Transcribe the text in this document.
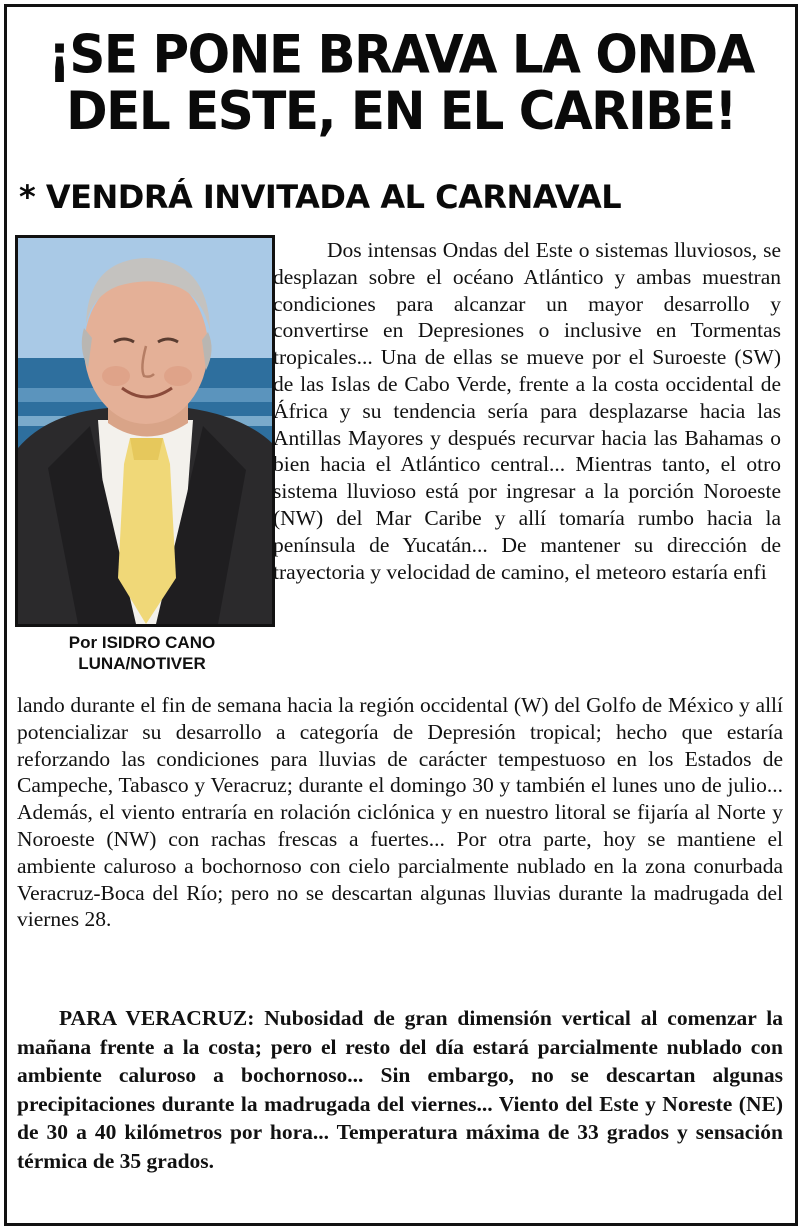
¡SE PONE BRAVA LA ONDA DEL ESTE, EN EL CARIBE!
* VENDRÁ INVITADA AL CARNAVAL
Por ISIDRO CANO LUNA/NOTIVER
Dos intensas Ondas del Este o sistemas lluviosos, se desplazan sobre el océano Atlántico y ambas muestran condiciones para alcanzar un mayor desarrollo y convertirse en Depresiones o inclusive en Tormentas tropicales... Una de ellas se mueve por el Suroeste (SW) de las Islas de Cabo Verde, frente a la costa occidental de África y su tendencia sería para desplazarse hacia las Antillas Mayores y después recurvar hacia las Bahamas o bien hacia el Atlántico central... Mientras tanto, el otro sistema lluvioso está por ingresar a la porción Noroeste (NW) del Mar Caribe y allí tomaría rumbo hacia la península de Yucatán... De mantener su dirección de trayectoria y velocidad de camino, el meteoro estaría enfi
lando durante el fin de semana hacia la región occidental (W) del Golfo de México y allí potencializar su desarrollo a categoría de Depresión tropical; hecho que estaría reforzando las condiciones para lluvias de carácter tempestuoso en los Estados de Campeche, Tabasco y Veracruz; durante el domingo 30 y también el lunes uno de julio... Además, el viento entraría en rolación ciclónica y en nuestro litoral se fijaría al Norte y Noroeste (NW) con rachas frescas a fuertes... Por otra parte, hoy se mantiene el ambiente caluroso a bochornoso con cielo parcialmente nublado en la zona conurbada Veracruz-Boca del Río; pero no se descartan algunas lluvias durante la madrugada del viernes 28.
PARA VERACRUZ: Nubosidad de gran dimensión vertical al comenzar la mañana frente a la costa; pero el resto del día estará parcialmente nublado con ambiente caluroso a bochornoso... Sin embargo, no se descartan algunas precipitaciones durante la madrugada del viernes... Viento del Este y Noreste (NE) de 30 a 40 kilómetros por hora... Temperatura máxima de 33 grados y sensación térmica de 35 grados.
